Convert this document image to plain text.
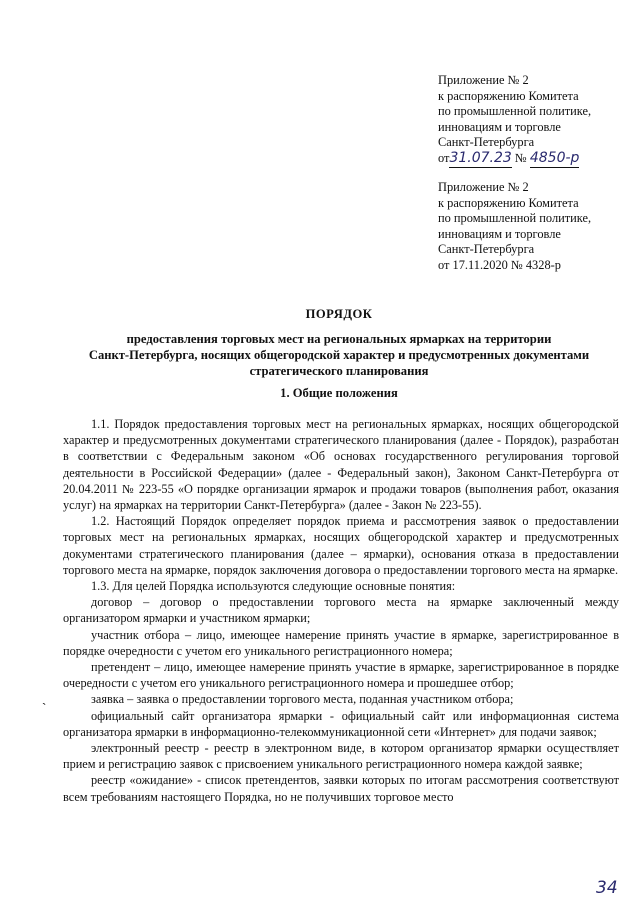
Приложение № 2
к распоряжению Комитета
по промышленной политике,
инновациям и торговле
Санкт-Петербурга
от31.07.23 № 4850-р
Приложение № 2
к распоряжению Комитета
по промышленной политике,
инновациям и торговле
Санкт-Петербурга
от 17.11.2020 № 4328-р
ПОРЯДОК
предоставления торговых мест на региональных ярмарках на территории
Санкт-Петербурга, носящих общегородской характер и предусмотренных документами
стратегического планирования
1. Общие положения

1.1. Порядок предоставления торговых мест на региональных ярмарках, носящих общегородской характер и предусмотренных документами стратегического планирования (далее - Порядок), разработан в соответствии с Федеральным законом «Об основах государственного регулирования торговой деятельности в Российской Федерации» (далее - Федеральный закон), Законом Санкт-Петербурга от 20.04.2011 № 223-55 «О порядке организации ярмарок и продажи товаров (выполнения работ, оказания услуг) на ярмарках на территории Санкт-Петербурга» (далее - Закон № 223-55).

1.2. Настоящий Порядок определяет порядок приема и рассмотрения заявок о предоставлении торговых мест на региональных ярмарках, носящих общегородской характер и предусмотренных документами стратегического планирования (далее – ярмарки), основания отказа в предоставлении торгового места на ярмарке, порядок заключения договора о предоставлении торгового места на ярмарке.

1.3. Для целей Порядка используются следующие основные понятия:

договор – договор о предоставлении торгового места на ярмарке заключенный между организатором ярмарки и участником ярмарки;

участник отбора – лицо, имеющее намерение принять участие в ярмарке, зарегистрированное в порядке очередности с учетом его уникального регистрационного номера;

претендент – лицо, имеющее намерение принять участие в ярмарке, зарегистрированное в порядке очередности с учетом его уникального регистрационного номера и прошедшее отбор;

заявка – заявка о предоставлении торгового места, поданная участником отбора;

официальный сайт организатора ярмарки - официальный сайт или информационная система организатора ярмарки в информационно-телекоммуникационной сети «Интернет» для подачи заявок;

электронный реестр - реестр в электронном виде, в котором организатор ярмарки осуществляет прием и регистрацию заявок с присвоением уникального регистрационного номера каждой заявке;

реестр «ожидание» - список претендентов, заявки которых по итогам рассмотрения соответствуют всем требованиям настоящего Порядка, но не получивших торговое место

`
34
